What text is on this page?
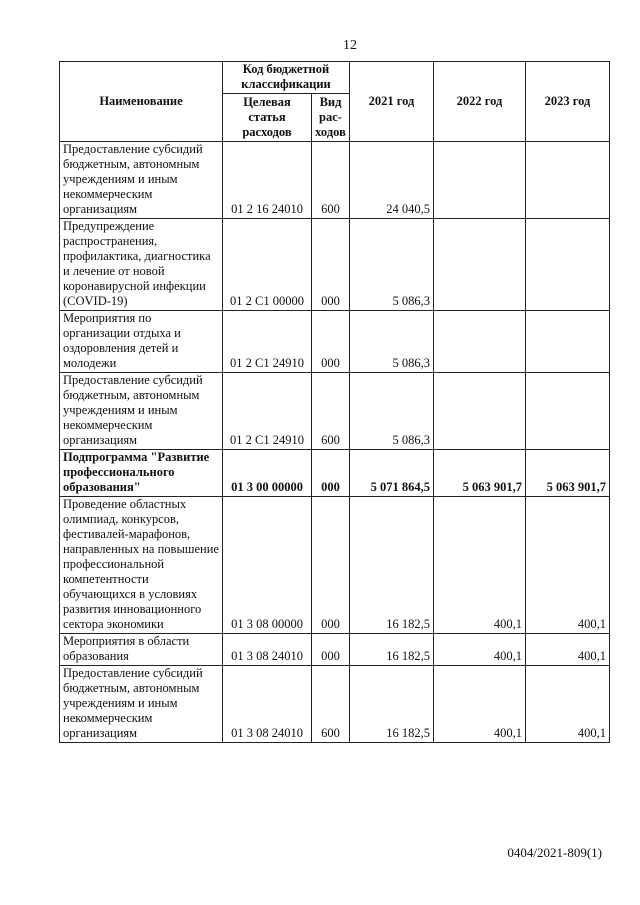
12
Наименование	Код бюджетной классификации		2021 год	2022 год	2023 год
	Целевая статья расходов	Вид рас-ходов			
Предоставление субсидий бюджетным, автономным учреждениям и иным некоммерческим организациям	01 2 16 24010	600	24 040,5		
Предупреждение распространения, профилактика, диагностика и лечение от новой коронавирусной инфекции (COVID-19)	01 2 С1 00000	000	5 086,3		
Мероприятия по организации отдыха и оздоровления детей и молодежи	01 2 С1 24910	000	5 086,3		
Предоставление субсидий бюджетным, автономным учреждениям и иным некоммерческим организациям	01 2 С1 24910	600	5 086,3		
Подпрограмма "Развитие профессионального образования"	01 3 00 00000	000	5 071 864,5	5 063 901,7	5 063 901,7
Проведение областных олимпиад, конкурсов, фестивалей-марафонов, направленных на повышение профессиональной компетентности обучающихся в условиях развития инновационного сектора экономики	01 3 08 00000	000	16 182,5	400,1	400,1
Мероприятия в области образования	01 3 08 24010	000	16 182,5	400,1	400,1
Предоставление субсидий бюджетным, автономным учреждениям и иным некоммерческим организациям	01 3 08 24010	600	16 182,5	400,1	400,1
0404/2021-809(1)
